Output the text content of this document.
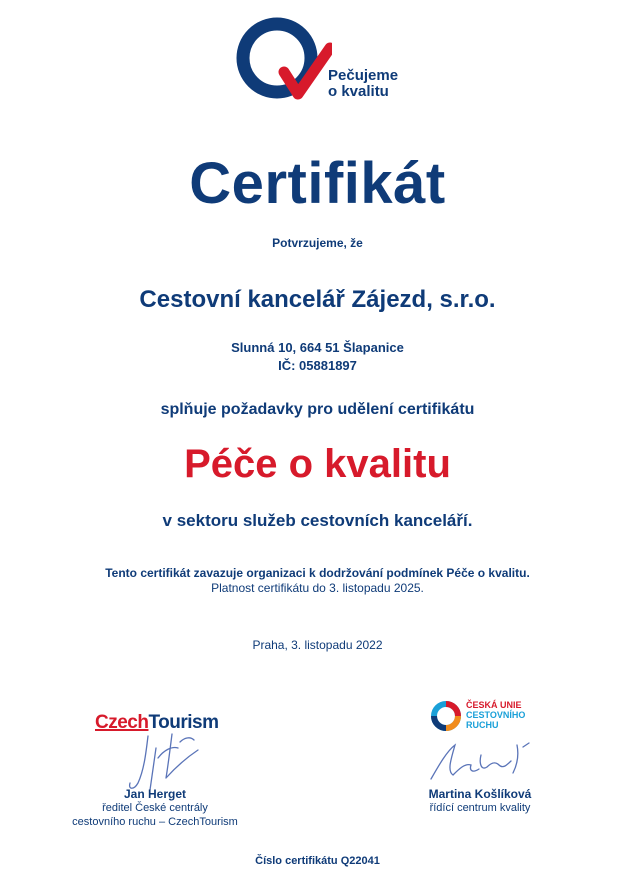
Pečujeme
o kvalitu
Certifikát
Potvrzujeme, že
Cestovní kancelář Zájezd, s.r.o.
Slunná 10, 664 51 Šlapanice
IČ: 05881897
splňuje požadavky pro udělení certifikátu
Péče o kvalitu
v sektoru služeb cestovních kanceláří.
Tento certifikát zavazuje organizaci k dodržování podmínek Péče o kvalitu.
Platnost certifikátu do 3. listopadu 2025.
Praha, 3. listopadu 2022
CzechTourism
ČESKÁ UNIE
CESTOVNÍHO
RUCHU
Jan Herget
ředitel České centrály
cestovního ruchu – CzechTourism
Martina Košlíková
řídící centrum kvality
Číslo certifikátu Q22041
